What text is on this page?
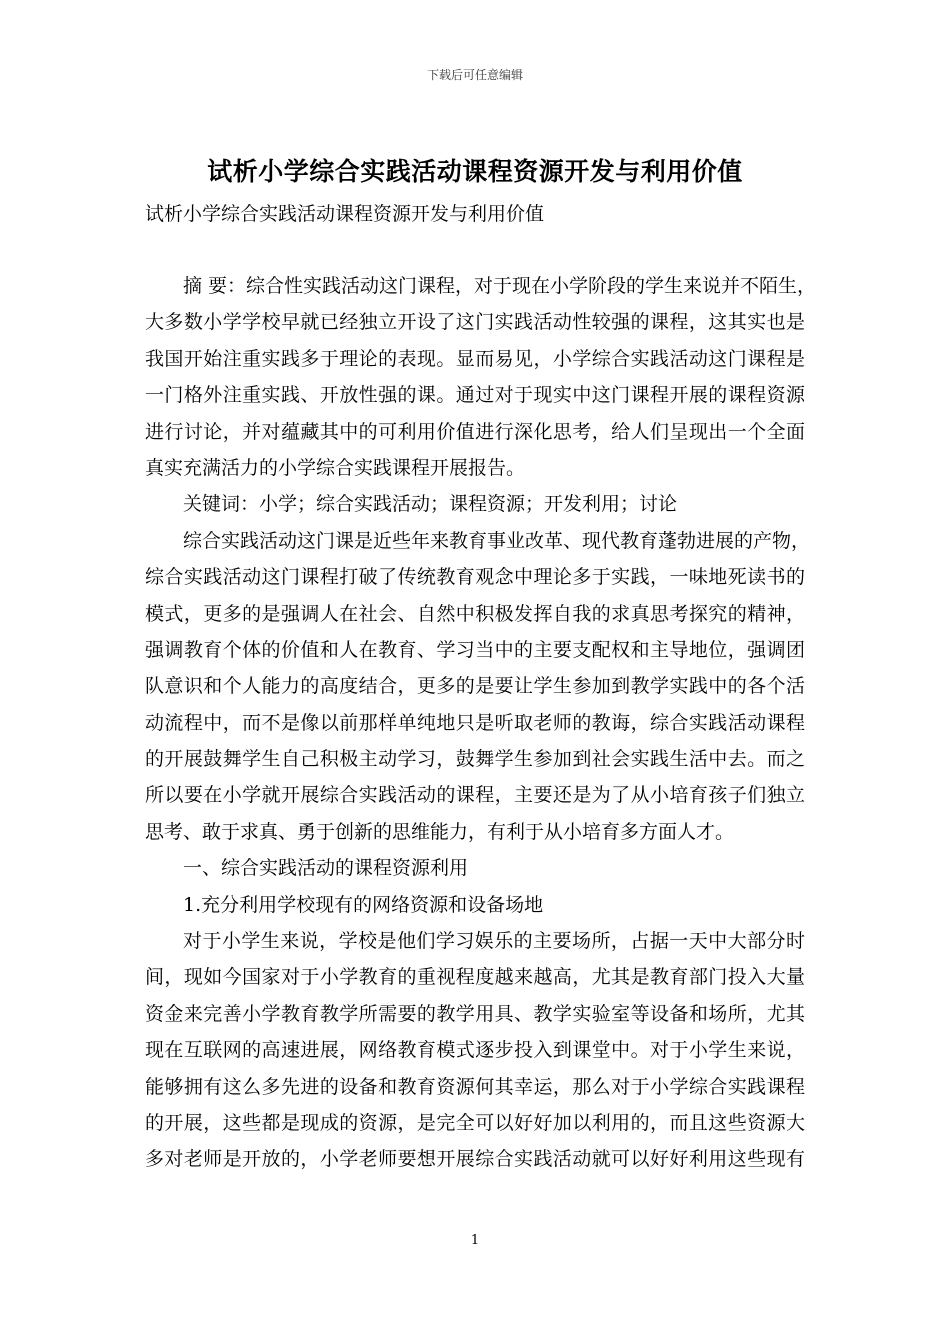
下载后可任意编辑
试析小学综合实践活动课程资源开发与利用价值
试析小学综合实践活动课程资源开发与利用价值
摘 要：综合性实践活动这门课程，对于现在小学阶段的学生来说并不陌生，
大多数小学学校早就已经独立开设了这门实践活动性较强的课程，这其实也是
我国开始注重实践多于理论的表现。显而易见，小学综合实践活动这门课程是
一门格外注重实践、开放性强的课。通过对于现实中这门课程开展的课程资源
进行讨论，并对蕴藏其中的可利用价值进行深化思考，给人们呈现出一个全面
真实充满活力的小学综合实践课程开展报告。
关键词：小学；综合实践活动；课程资源；开发利用；讨论
综合实践活动这门课是近些年来教育事业改革、现代教育蓬勃进展的产物，
综合实践活动这门课程打破了传统教育观念中理论多于实践，一味地死读书的
模式，更多的是强调人在社会、自然中积极发挥自我的求真思考探究的精神，
强调教育个体的价值和人在教育、学习当中的主要支配权和主导地位，强调团
队意识和个人能力的高度结合，更多的是要让学生参加到教学实践中的各个活
动流程中，而不是像以前那样单纯地只是听取老师的教诲，综合实践活动课程
的开展鼓舞学生自己积极主动学习，鼓舞学生参加到社会实践生活中去。而之
所以要在小学就开展综合实践活动的课程，主要还是为了从小培育孩子们独立
思考、敢于求真、勇于创新的思维能力，有利于从小培育多方面人才。
一、综合实践活动的课程资源利用
1.充分利用学校现有的网络资源和设备场地
对于小学生来说，学校是他们学习娱乐的主要场所，占据一天中大部分时
间，现如今国家对于小学教育的重视程度越来越高，尤其是教育部门投入大量
资金来完善小学教育教学所需要的教学用具、教学实验室等设备和场所，尤其
现在互联网的高速进展，网络教育模式逐步投入到课堂中。对于小学生来说，
能够拥有这么多先进的设备和教育资源何其幸运，那么对于小学综合实践课程
的开展，这些都是现成的资源，是完全可以好好加以利用的，而且这些资源大
多对老师是开放的，小学老师要想开展综合实践活动就可以好好利用这些现有
1
